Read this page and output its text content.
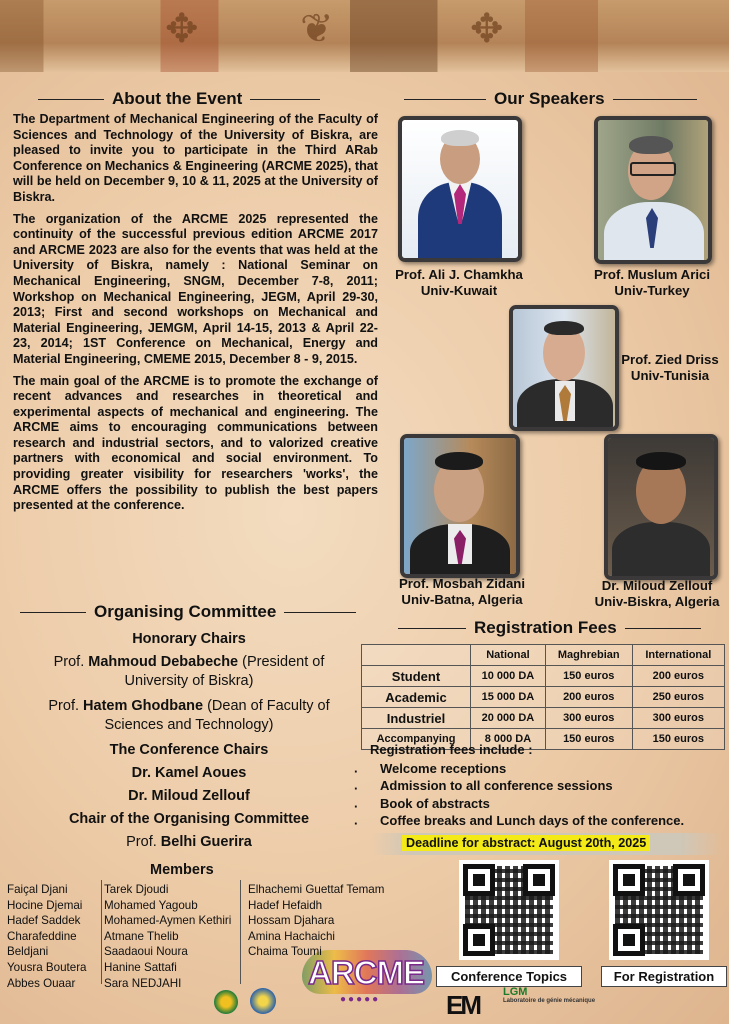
✥	❦	✥
About the Event

The Department of Mechanical Engineering of the Faculty of Sciences and Technology of the University of Biskra, are pleased to invite you to participate in the Third ARab Conference on Mechanics & Engineering (ARCME 2025), that will be held on December 9, 10 & 11, 2025 at the University of Biskra.

The organization of the ARCME 2025 represented the continuity of the successful previous edition ARCME 2017 and ARCME 2023 are also for the events that was held at the University of Biskra, namely : National Seminar on Mechanical Engineering, SNGM, December 7-8, 2011; Workshop on Mechanical Engineering, JEGM, April 29-30, 2013; First and second workshops on Mechanical and Material Engineering, JEMGM, April 14-15, 2013 & April 22-23, 2014; 1ST Conference on Mechanical, Energy and Material Engineering, CMEME 2015, December 8 - 9, 2015.

The main goal of the ARCME is to promote the exchange of recent advances and researches in theoretical and experimental aspects of mechanical and engineering. The ARCME aims to encouraging communications between research and industrial sectors, and to valorized creative partners with economical and social environment. To providing greater visibility for researchers 'works', the ARCME offers the possibility to publish the best papers presented at the conference.

Organising Committee
Honorary Chairs
Prof. Mahmoud Debabeche (President of University of Biskra)
Prof. Hatem Ghodbane (Dean of Faculty of Sciences and Technology)
The Conference Chairs
Dr. Kamel Aoues
Dr. Miloud Zellouf
Chair of the Organising Committee
Prof. Belhi Guerira
Members
Faiçal Djani
Hocine Djemai
Hadef Saddek
Charafeddine
Beldjani
Yousra Boutera
Abbes Ouaar
Tarek Djoudi
Mohamed Yagoub
Mohamed-Aymen Kethiri
Atmane Thelib
Saadaoui Noura
Hanine Sattafi
Sara NEDJAHI
Elhachemi Guettaf Temam
Hadef Hefaidh
Hossam Djahara
Amina Hachaichi
Chaima Toumi
Our Speakers
Prof. Ali J. Chamkha
Univ-Kuwait
Prof. Muslum Arici
Univ-Turkey
Prof. Zied Driss
Univ-Tunisia
Prof. Mosbah Zidani
Univ-Batna, Algeria
Dr. Miloud Zellouf
Univ-Biskra, Algeria
Registration Fees
	National	Maghrebian	International
Student	10 000 DA	150 euros	200 euros
Academic	15 000 DA	200 euros	250 euros
Industriel	20 000 DA	300 euros	300 euros
Accompanying	8 000 DA	150 euros	150 euros
Registration fees include :
· Welcome receptions
· Admission to all conference sessions
· Book of abstracts
· Coffee breaks and Lunch days of the conference.
Deadline for abstract: August 20th, 2025
Conference Topics	For Registration
ARCME
●●●●●	EM LGM
Laboratoire de génie mécanique
